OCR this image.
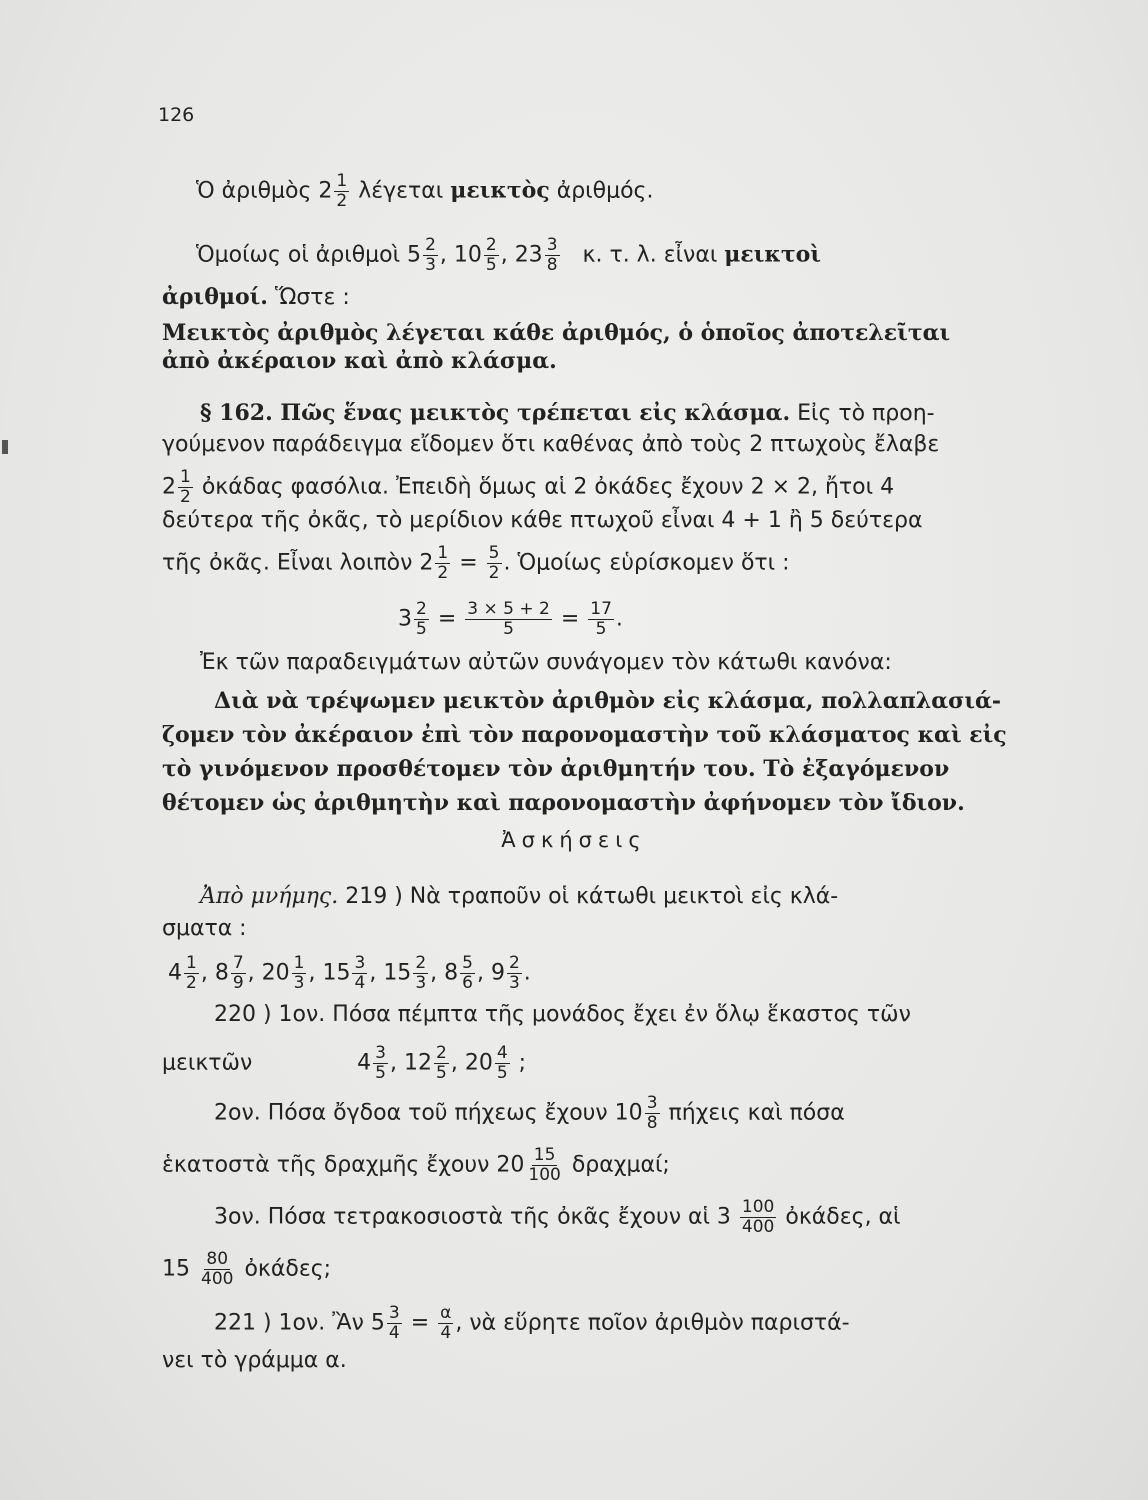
126
Ὁ ἀριθμὸς $2 \frac{1}{2}$ λέγεται μεικτὸς ἀριθμός.
Ὁμοίως οἱ ἀριθμοὶ $5 \frac{2}{3}$ , $10 \frac{2}{5}$ , $23 \frac{3}{8} \kappa$. τ. λ. εἶναι μεικτοὶ
ἀριθμοί. Ὥστε :
Μεικτὸς ἀριθμὸς λέγεται κάθε ἀριθμός, ὁ ὁποῖος ἀποτελεῖται
ἀπὸ ἀκέραιον καὶ ἀπὸ κλάσμα.
§ 162. Πῶς ἕνας μεικτὸς τρέπεται εἰς κλάσμα. Εἰς τὸ προη-
γούμενον παράδειγμα εἴδομεν ὅτι καθένας ἀπὸ τοὺς 2 πτωχοὺς ἔλαβε
$2 \frac{1}{2}$ ὀκάδας φασόλια. Ἐπειδὴ ὅμως αἱ 2 ὀκάδες ἔχουν 2 × 2, ἤτοι 4
δεύτερα τῆς ὀκᾶς, τὸ μερίδιον κάθε πτωχοῦ εἶναι 4 + 1 ἢ 5 δεύτερα
τῆς ὀκᾶς. Εἶναι λοιπὸν $2 \frac{1}{2} = \frac{5}{2}$ . Ὁμοίως εὑρίσκομεν ὅτι :
$3 \frac{2}{5} = \frac{3 \times 5 + 2}{5} = \frac{17}{5}$ .
Ἐκ τῶν παραδειγμάτων αὐτῶν συνάγομεν τὸν κάτωθι κανόνα:
Διὰ νὰ τρέψωμεν μεικτὸν ἀριθμὸν εἰς κλάσμα, πολλαπλασιά-
ζομεν τὸν ἀκέραιον ἐπὶ τὸν παρονομαστὴν τοῦ κλάσματος καὶ εἰς
τὸ γινόμενον προσθέτομεν τὸν ἀριθμητήν του. Τὸ ἐξαγόμενον
θέτομεν ὡς ἀριθμητὴν καὶ παρονομαστὴν ἀφήνομεν τὸν ἴδιον.
Ἀσκήσεις
Ἀπὸ μνήμης. 219 ) Νὰ τραποῦν οἱ κάτωθι μεικτοὶ εἰς κλά-
σματα :
$4 \frac{1}{2}$ , $8 \frac{7}{9}$ , $20 \frac{1}{3}$ , $15 \frac{3}{4}$ , $15 \frac{2}{3}$ , $8 \frac{5}{6}$ , $9 \frac{2}{3}$ .
220 ) 1ον. Πόσα πέμπτα τῆς μονάδος ἔχει ἐν ὅλῳ ἕκαστος τῶν
μεικτῶν	$4 \frac{3}{5}$ , $12 \frac{2}{5}$ , $20 \frac{4}{5}$ ;
2ον. Πόσα ὄγδοα τοῦ πήχεως ἔχουν $10 \frac{3}{8}$ πήχεις καὶ πόσα
ἑκατοστὰ τῆς δραχμῆς ἔχουν $20 \frac{15}{100} \delta\rho\alpha\chi\mu\alpha ί$;
3ον. Πόσα τετρακοσιοστὰ τῆς ὀκᾶς ἔχουν αἱ $3 \frac{100}{400}$ ὀκάδες, αἱ
$15 \frac{80}{400}$ ὀκάδες;
221 ) 1ον. Ἂν $5 \frac{3}{4} = \frac{\alpha}{4}$ , νὰ εὕρητε ποῖον ἀριθμὸν παριστά-
νει τὸ γράμμα α.
